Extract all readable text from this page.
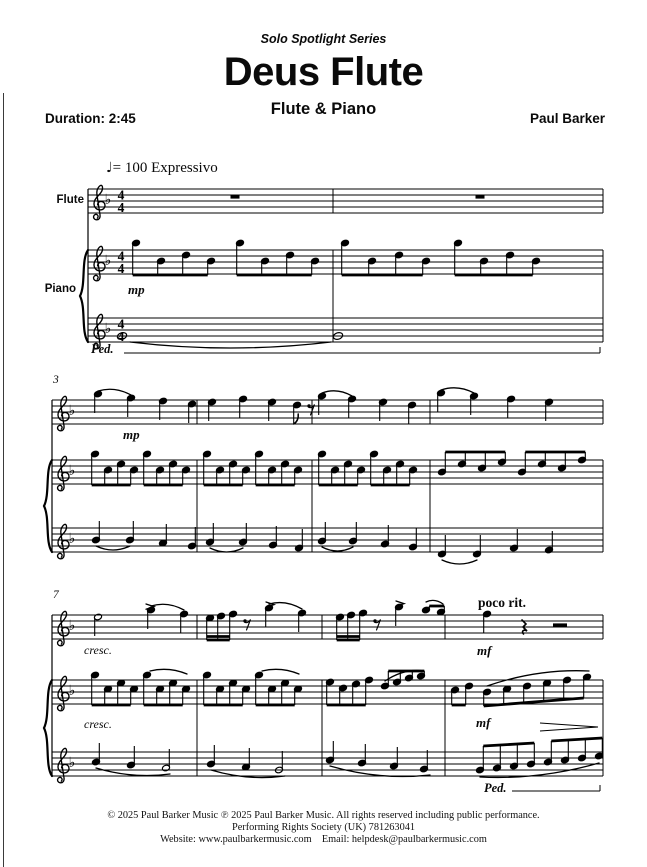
Solo Spotlight Series
Deus Flute
Flute & Piano
Duration: 2:45	Paul Barker
♩= 100 Expressivo
Flute
Piano
♭ 4
4
♭ 4
4
♭ 4
4
♭
♭
♭
♭
♭
♭
3
7
mp
mp
cresc.
poco rit.
mf
cresc.	mf
Ped.
Ped.
© 2025 Paul Barker Music ℗ 2025 Paul Barker Music. All rights reserved including public performance.
Performing Rights Society (UK) 781263041
Website: www.paulbarkermusic.com    Email: helpdesk@paulbarkermusic.com
